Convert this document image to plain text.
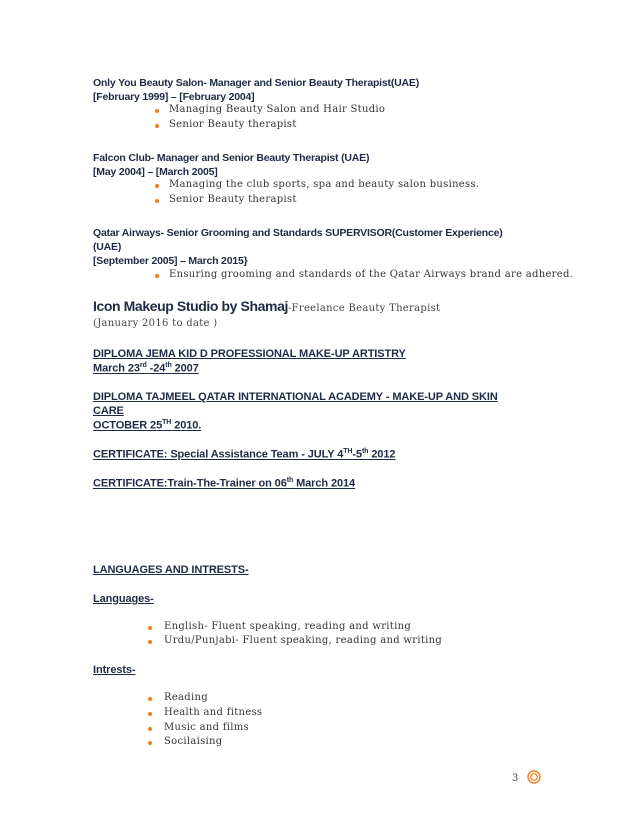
Only You Beauty Salon- Manager and Senior Beauty Therapist(UAE)
[February 1999] – [February 2004]
Managing Beauty Salon and Hair Studio
Senior Beauty therapist
Falcon Club- Manager and Senior Beauty Therapist (UAE)
[May 2004] – [March 2005]
Managing the club sports, spa and beauty salon business.
Senior Beauty therapist
Qatar Airways- Senior Grooming and Standards SUPERVISOR(Customer Experience)
(UAE)
[September 2005] – March 2015}
Ensuring grooming and standards of the Qatar Airways brand are adhered.
Icon Makeup Studio by Shamaj-Freelance Beauty Therapist
(January 2016 to date )
DIPLOMA JEMA KID D PROFESSIONAL MAKE-UP ARTISTRY
March 23rd -24th 2007
DIPLOMA TAJMEEL QATAR INTERNATIONAL ACADEMY - MAKE-UP AND SKIN
CARE
OCTOBER 25TH 2010.
CERTIFICATE: Special Assistance Team - JULY 4TH-5th 2012
CERTIFICATE:Train-The-Trainer on 06th March 2014
LANGUAGES AND INTRESTS-
Languages-
English- Fluent speaking, reading and writing
Urdu/Punjabi- Fluent speaking, reading and writing
Intrests-
Reading
Health and fitness
Music and films
Socilaising
3
